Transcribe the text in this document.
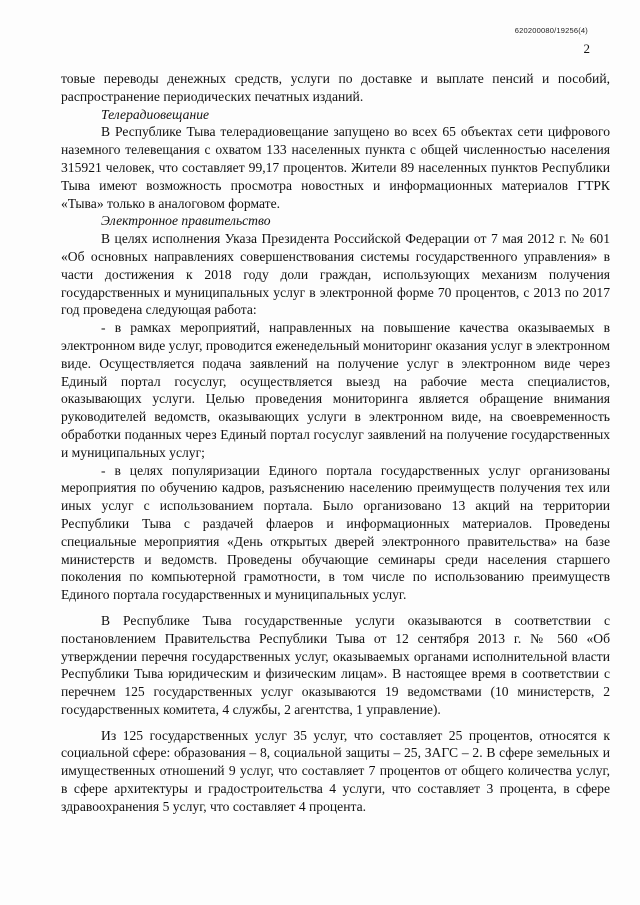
620200080/19256(4)
2

товые переводы денежных средств, услуги по доставке и выплате пенсий и пособий, распространение периодических печатных изданий.

Телерадиовещание

В Республике Тыва телерадиовещание запущено во всех 65 объектах сети цифрового наземного телевещания с охватом 133 населенных пункта с общей численностью населения 315921 человек, что составляет 99,17 процентов. Жители 89 населенных пунктов Республики Тыва имеют возможность просмотра новостных и информационных материалов ГТРК «Тыва» только в аналоговом формате.

Электронное правительство

В целях исполнения Указа Президента Российской Федерации от 7 мая 2012 г. № 601 «Об основных направлениях совершенствования системы государственного управления» в части достижения к 2018 году доли граждан, использующих механизм получения государственных и муниципальных услуг в электронной форме 70 процентов, с 2013 по 2017 год проведена следующая работа:

- в рамках мероприятий, направленных на повышение качества оказываемых в электронном виде услуг, проводится еженедельный мониторинг оказания услуг в электронном виде. Осуществляется подача заявлений на получение услуг в электронном виде через Единый портал госуслуг, осуществляется выезд на рабочие места специалистов, оказывающих услуги. Целью проведения мониторинга является обращение внимания руководителей ведомств, оказывающих услуги в электронном виде, на своевременность обработки поданных через Единый портал госуслуг заявлений на получение государственных и муниципальных услуг;

- в целях популяризации Единого портала государственных услуг организованы мероприятия по обучению кадров, разъяснению населению преимуществ получения тех или иных услуг с использованием портала. Было организовано 13 акций на территории Республики Тыва с раздачей флаеров и информационных материалов. Проведены специальные мероприятия «День открытых дверей электронного правительства» на базе министерств и ведомств. Проведены обучающие семинары среди населения старшего поколения по компьютерной грамотности, в том числе по использованию преимуществ Единого портала государственных и муниципальных услуг.

В Республике Тыва государственные услуги оказываются в соответствии с постановлением Правительства Республики Тыва от 12 сентября 2013 г. № 560 «Об утверждении перечня государственных услуг, оказываемых органами исполнительной власти Республики Тыва юридическим и физическим лицам». В настоящее время в соответствии с перечнем 125 государственных услуг оказываются 19 ведомствами (10 министерств, 2 государственных комитета, 4 службы, 2 агентства, 1 управление).

Из 125 государственных услуг 35 услуг, что составляет 25 процентов, относятся к социальной сфере: образования – 8, социальной защиты – 25, ЗАГС – 2. В сфере земельных и имущественных отношений 9 услуг, что составляет 7 процентов от общего количества услуг, в сфере архитектуры и градостроительства 4 услуги, что составляет 3 процента, в сфере здравоохранения 5 услуг, что составляет 4 процента.
